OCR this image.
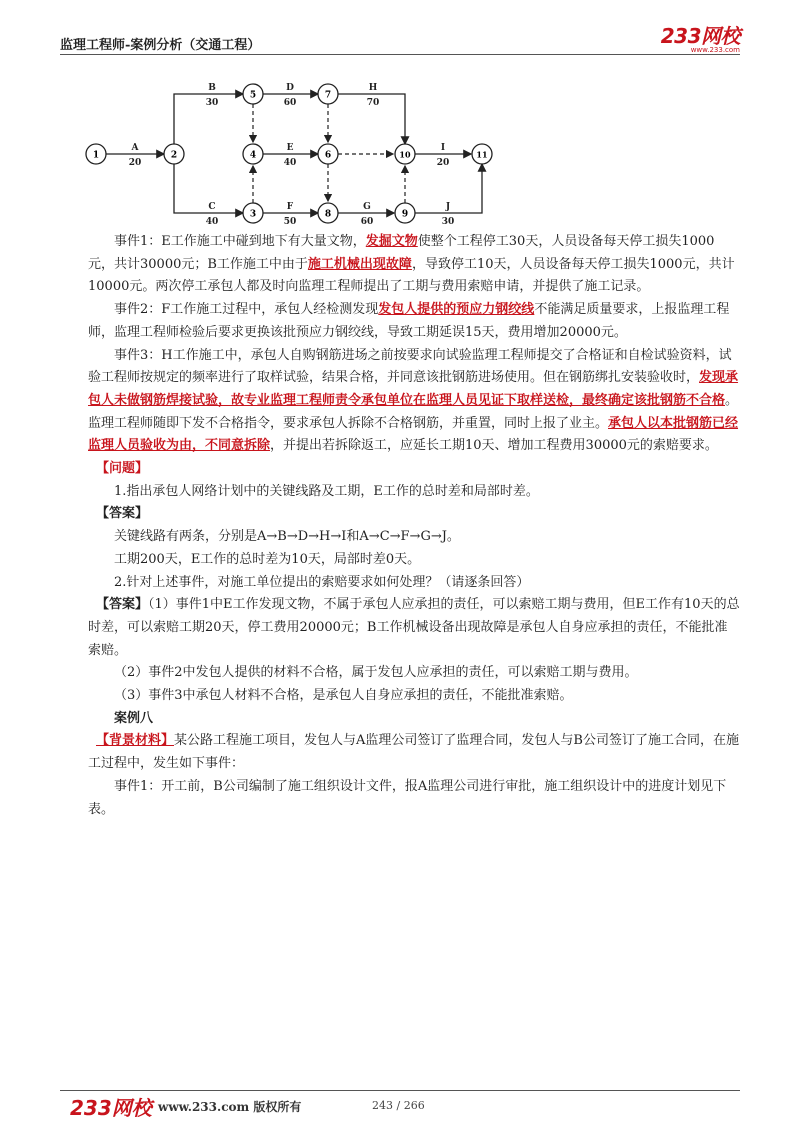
监理工程师-案例分析（交通工程）	233网校
www.233.com
1	2
3
4
5
6
7
8	9
10	11
A
20
B
30
C
40
D
60
E
40
F
50
G
60
H
70
I
20
J
30

事件1：E工作施工中碰到地下有大量文物，发掘文物使整个工程停工30天，人员设备每天停工损失1000元，共计30000元；B工作施工中由于施工机械出现故障，导致停工10天，人员设备每天停工损失1000元，共计10000元。两次停工承包人都及时向监理工程师提出了工期与费用索赔申请，并提供了施工记录。

事件2：F工作施工过程中，承包人经检测发现发包人提供的预应力钢绞线不能满足质量要求，上报监理工程师，监理工程师检验后要求更换该批预应力钢绞线，导致工期延误15天，费用增加20000元。

事件3：H工作施工中，承包人自购钢筋进场之前按要求向试验监理工程师提交了合格证和自检试验资料，试验工程师按规定的频率进行了取样试验，结果合格，并同意该批钢筋进场使用。但在钢筋绑扎安装验收时，发现承包人未做钢筋焊接试验，故专业监理工程师责令承包单位在监理人员见证下取样送检，最终确定该批钢筋不合格。监理工程师随即下发不合格指令，要求承包人拆除不合格钢筋，并重置，同时上报了业主。承包人以本批钢筋已经监理人员验收为由，不同意拆除，并提出若拆除返工，应延长工期10天、增加工程费用30000元的索赔要求。

【问题】

1.指出承包人网络计划中的关键线路及工期，E工作的总时差和局部时差。

【答案】

关键线路有两条，分别是A→B→D→H→I和A→C→F→G→J。

工期200天，E工作的总时差为10天，局部时差0天。

2.针对上述事件，对施工单位提出的索赔要求如何处理？（请逐条回答）

【答案】（1）事件1中E工作发现文物，不属于承包人应承担的责任，可以索赔工期与费用，但E工作有10天的总时差，可以索赔工期20天，停工费用20000元；B工作机械设备出现故障是承包人自身应承担的责任，不能批准索赔。

（2）事件2中发包人提供的材料不合格，属于发包人应承担的责任，可以索赔工期与费用。

（3）事件3中承包人材料不合格，是承包人自身应承担的责任，不能批准索赔。

案例八

【背景材料】某公路工程施工项目，发包人与A监理公司签订了监理合同，发包人与B公司签订了施工合同，在施工过程中，发生如下事件：

事件1：开工前，B公司编制了施工组织设计文件，报A监理公司进行审批，施工组织设计中的进度计划见下表。

233网校 www.233.com 版权所有	243 / 266
